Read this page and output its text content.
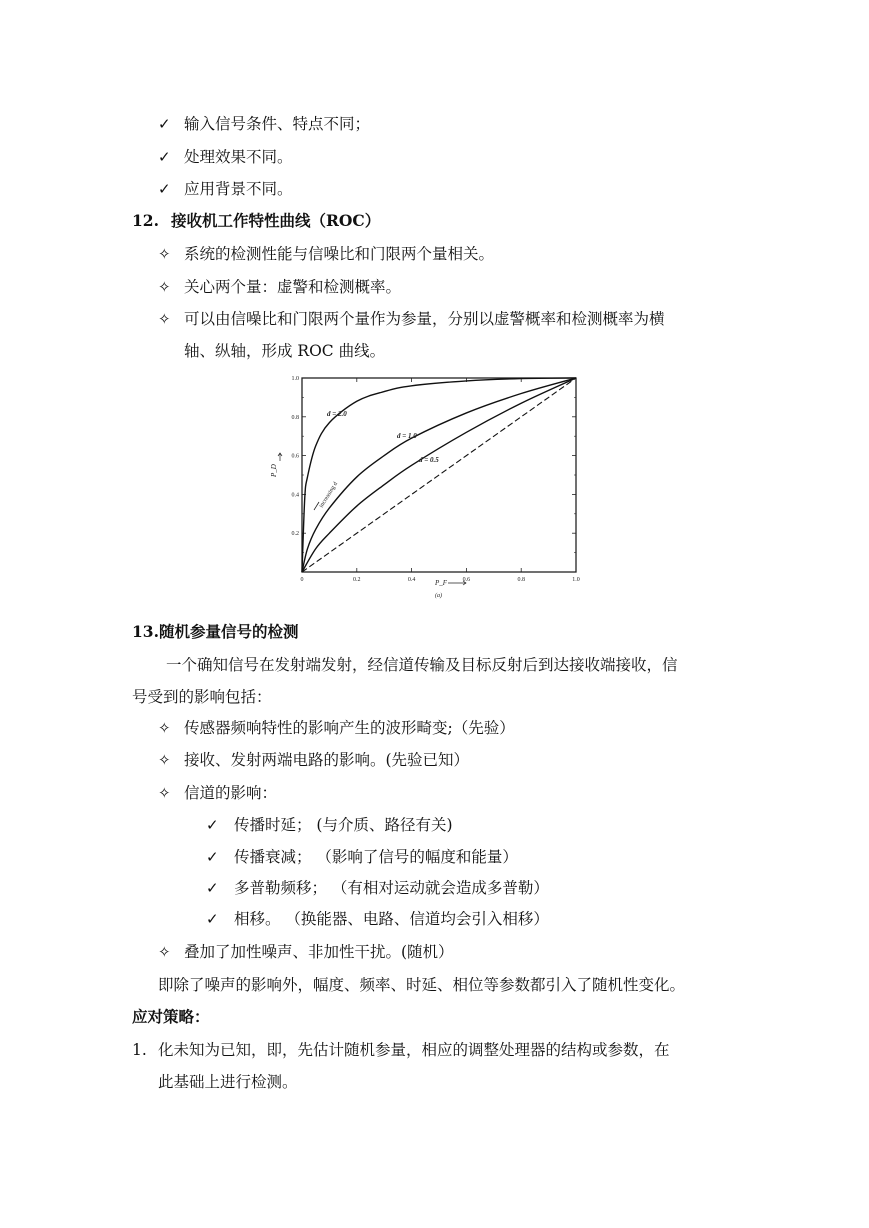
✓ 输入信号条件、特点不同；
✓ 处理效果不同。
✓ 应用背景不同。
12. 接收机工作特性曲线（ROC）
✧ 系统的检测性能与信噪比和门限两个量相关。
✧ 关心两个量：虚警和检测概率。
✧ 可以由信噪比和门限两个量作为参量，分别以虚警概率和检测概率为横
轴、纵轴，形成 ROC 曲线。
1.0
0.8
0.6
0.4
0.2
0	0.2	0.4	0.6	0.8	1.0
d = 2.0
d = 1.0
d = 0.5
increasing d
P_D
P_F
(a)
13.随机参量信号的检测
一个确知信号在发射端发射，经信道传输及目标反射后到达接收端接收，信
号受到的影响包括：
✧ 传感器频响特性的影响产生的波形畸变;（先验）
✧ 接收、发射两端电路的影响。(先验已知）
✧ 信道的影响：
✓ 传播时延； (与介质、路径有关)
✓ 传播衰减； （影响了信号的幅度和能量）
✓ 多普勒频移； （有相对运动就会造成多普勒）
✓ 相移。 （换能器、电路、信道均会引入相移）
✧ 叠加了加性噪声、非加性干扰。(随机）
即除了噪声的影响外，幅度、频率、时延、相位等参数都引入了随机性变化。
应对策略：
1. 化未知为已知，即，先估计随机参量，相应的调整处理器的结构或参数，在
此基础上进行检测。
